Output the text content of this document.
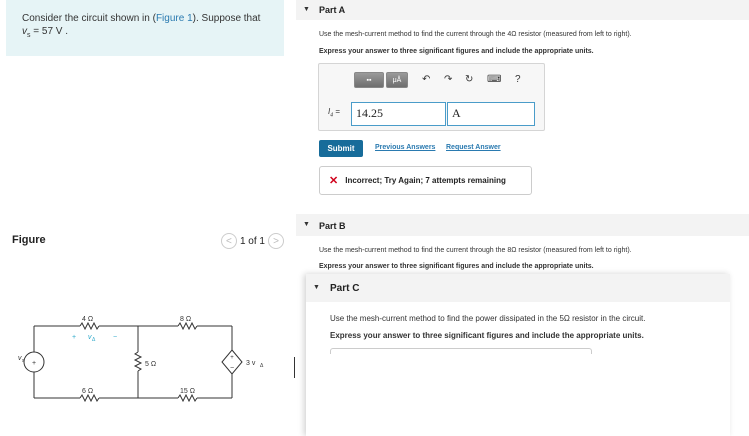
Consider the circuit shown in (Figure 1). Suppose that
$v_s = 57$ V .
Figure	< 1 of 1 >
+
+
−
4 Ω	8 Ω
5 Ω
6 Ω	15 Ω
3 v Δ
v s
+ v Δ	−
▼ Part A
Use the mesh-current method to find the current through the 4Ω resistor (measured from left to right).
Express your answer to three significant figures and include the appropriate units.
▪▪	μÅ	↶ ↷ ↻ ⌨ ?
$I_4$ =	14.25	A
Submit	Previous Answers Request Answer
✕ Incorrect; Try Again; 7 attempts remaining
▼ Part B
Use the mesh-current method to find the current through the 8Ω resistor (measured from left to right).
Express your answer to three significant figures and include the appropriate units.
▼ Part C
Use the mesh-current method to find the power dissipated in the 5Ω resistor in the circuit.
Express your answer to three significant figures and include the appropriate units.
